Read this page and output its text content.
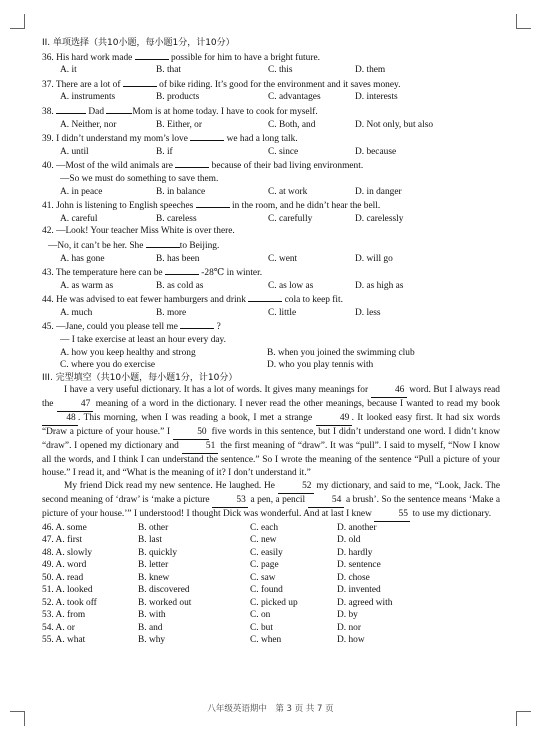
II. 单项选择（共10小题，每小题1分，计10分）
36. His hard work made	possible for him to have a bright future.
A. it	B. that	C. this	D. them
37. There are a lot of	of bike riding. It’s good for the environment and it saves money.
A. instruments	B. products	C. advantages	D. interests
38.	Dad	Mom is at home today. I have to cook for myself.
A. Neither, nor	B. Either, or	C. Both, and	D. Not only, but also
39. I didn’t understand my mom’s love	we had a long talk.
A. until	B. if	C. since	D. because
40. —Most of the wild animals are	because of their bad living environment.
—So we must do something to save them.
A. in peace	B. in balance	C. at work	D. in danger
41. John is listening to English speeches	in the room, and he didn’t hear the bell.
A. careful	B. careless	C. carefully	D. carelessly
42. —Look! Your teacher Miss White is over there.
—No, it can’t be her. She	to Beijing.
A. has gone	B. has been	C. went	D. will go
43. The temperature here can be	-28℃ in winter.
A. as warm as	B. as cold as	C. as low as	D. as high as
44. He was advised to eat fewer hamburgers and drink	cola to keep fit.
A. much	B. more	C. little	D. less
45. —Jane, could you please tell me	?
— I take exercise at least an hour every day.
A. how you keep healthy and strong	B. when you joined the swimming club
C. where you do exercise	D. who you play tennis with
III. 完型填空（共10小题，每小题1分，计10分）
I have a very useful dictionary. It has a lot of words. It gives many meanings for	46 word. But I always read the	47 meaning of a word in the dictionary. I never read the other meanings, because I wanted to read my book 48 . This morning, when I was reading a book, I met a strange	49 . It looked easy first. It had six words “Draw a picture of your house.” I	50 five words in this sentence, but I didn’t understand one word. I didn’t know “draw”. I opened my dictionary and	51 the first meaning of “draw”. It was “pull”. I said to myself, “Now I know all the words, and I think I can understand the sentence.” So I wrote the meaning of the sentence “Pull a picture of your house.” I read it, and “What is the meaning of it? I don’t understand it.”
My friend Dick read my new sentence. He laughed. He	52 my dictionary, and said to me, “Look, Jack. The second meaning of ‘draw’ is ‘make a picture	53 a pen, a pencil	54 a brush’. So the sentence means ‘Make a picture of your house.’” I understood! I thought Dick was wonderful. And at last I knew	55 to use my dictionary.
46. A. some	B. other	C. each	D. another
47. A. first	B. last	C. new	D. old
48. A. slowly	B. quickly	C. easily	D. hardly
49. A. word	B. letter	C. page	D. sentence
50. A. read	B. knew	C. saw	D. chose
51. A. looked	B. discovered	C. found	D. invented
52. A. took off	B. worked out	C. picked up	D. agreed with
53. A. from	B. with	C. on	D. by
54. A. or	B. and	C. but	D. nor
55. A. what	B. why	C. when	D. how
八年级英语期中　第 3 页 共 7 页
